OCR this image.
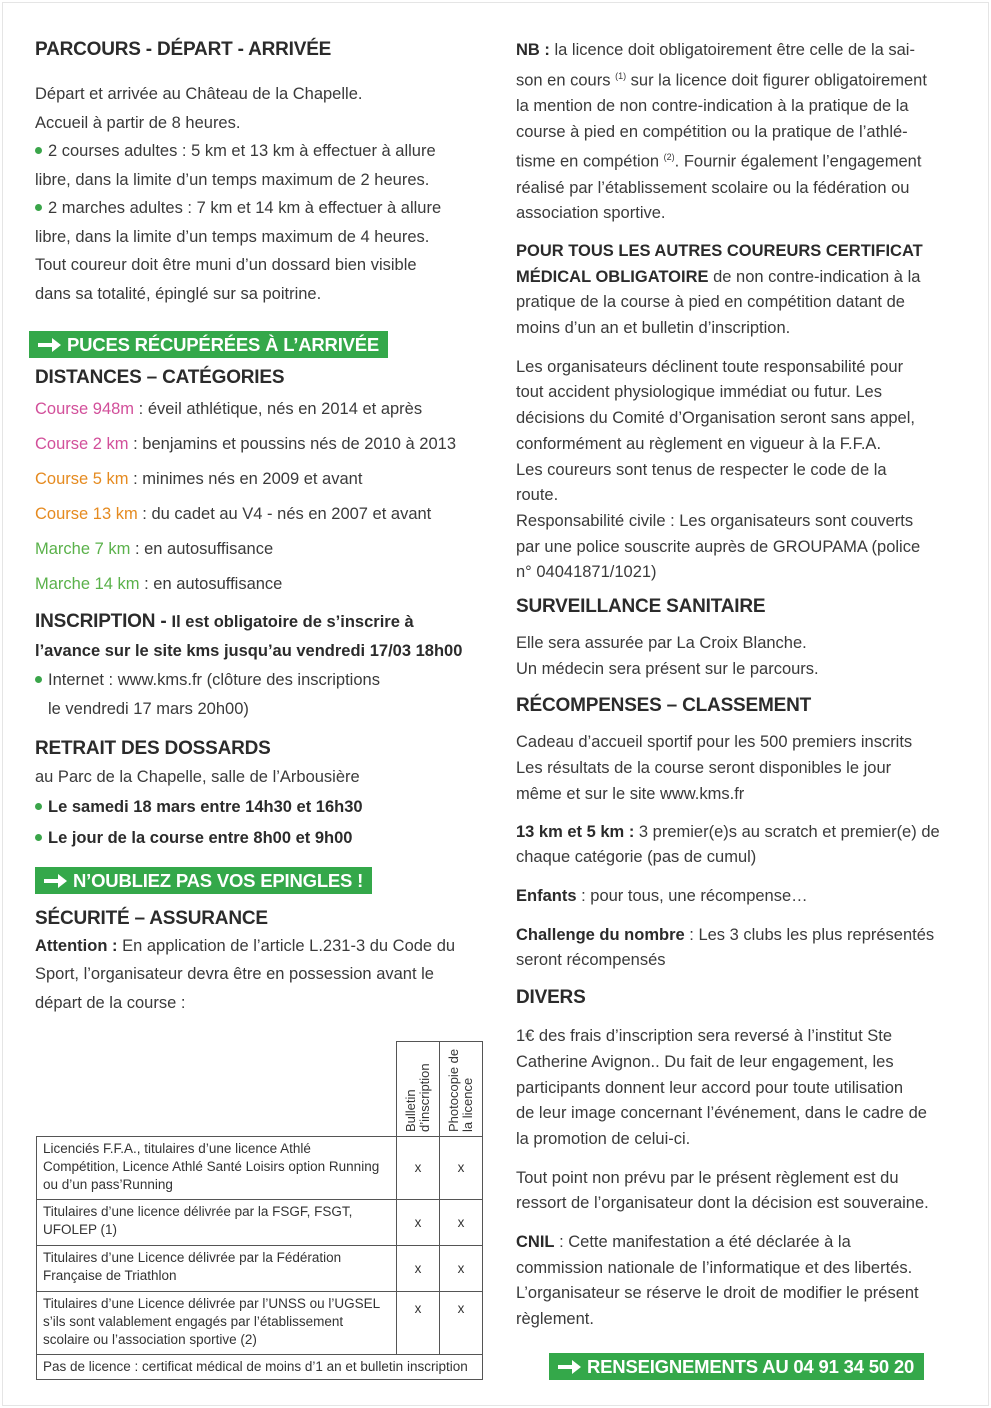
PARCOURS - DÉPART - ARRIVÉE

Départ et arrivée au Château de la Chapelle.

Accueil à partir de 8 heures.

2 courses adultes : 5 km et 13 km à effectuer à allure

libre, dans la limite d’un temps maximum de 2 heures.

2 marches adultes : 7 km et 14 km à effectuer à allure

libre, dans la limite d’un temps maximum de 4 heures.

Tout coureur doit être muni d’un dossard bien visible

dans sa totalité, épinglé sur sa poitrine.

PUCES RÉCUPÉRÉES À L’ARRIVÉE
DISTANCES – CATÉGORIES

Course 948m : éveil athlétique, nés en 2014 et après

Course 2 km : benjamins et poussins nés de 2010 à 2013

Course 5 km : minimes nés en 2009 et avant

Course 13 km : du cadet au V4 - nés en 2007 et avant

Marche 7 km : en autosuffisance

Marche 14 km : en autosuffisance

INSCRIPTION - Il est obligatoire de s’inscrire à

l’avance sur le site kms jusqu’au vendredi 17/03 18h00

Internet : www.kms.fr (clôture des inscriptions

le vendredi 17 mars 20h00)

RETRAIT DES DOSSARDS

au Parc de la Chapelle, salle de l’Arbousière

Le samedi 18 mars entre 14h30 et 16h30

Le jour de la course entre 8h00 et 9h00

N’OUBLIEZ PAS VOS EPINGLES !
SÉCURITÉ – ASSURANCE

Attention : En application de l’article L.231-3 du Code du

Sport, l’organisateur devra être en possession avant le

départ de la course :

	Bulletin d’inscription	Photocopie de la licence

Licenciés F.F.A., titulaires d’une licence Athlé Compétition, Licence Athlé Santé Loisirs option Running ou d’un pass’Running	x	x
Titulaires d’une licence délivrée par la FSGF, FSGT, UFOLEP (1)	x	x
Titulaires d’une Licence délivrée par la Fédération Française de Triathlon	x	x
Titulaires d’une Licence délivrée par l’UNSS ou l’UGSEL s’ils sont valablement engagés par l’établissement scolaire ou l’association sportive (2)	x	x
Pas de licence : certificat médical de moins d’1 an et bulletin inscription		

NB : la licence doit obligatoirement être celle de la sai-

son en cours $^{(1)}$ sur la licence doit figurer obligatoirement

la mention de non contre-indication à la pratique de la

course à pied en compétition ou la pratique de l’athlé-

tisme en compétion $^{(2)}$. Fournir également l’engagement

réalisé par l’établissement scolaire ou la fédération ou

association sportive.

POUR TOUS LES AUTRES COUREURS CERTIFICAT

MÉDICAL OBLIGATOIRE de non contre-indication à la

pratique de la course à pied en compétition datant de

moins d’un an et bulletin d’inscription.

Les organisateurs déclinent toute responsabilité pour

tout accident physiologique immédiat ou futur. Les

décisions du Comité d’Organisation seront sans appel,

conformément au règlement en vigueur à la F.F.A.

Les coureurs sont tenus de respecter le code de la

route.

Responsabilité civile : Les organisateurs sont couverts

par une police souscrite auprès de GROUPAMA (police

n° 04041871/1021)

SURVEILLANCE SANITAIRE

Elle sera assurée par La Croix Blanche.

Un médecin sera présent sur le parcours.

RÉCOMPENSES – CLASSEMENT

Cadeau d’accueil sportif pour les 500 premiers inscrits

Les résultats de la course seront disponibles le jour

même et sur le site www.kms.fr

13 km et 5 km : 3 premier(e)s au scratch et premier(e) de

chaque catégorie (pas de cumul)

Enfants : pour tous, une récompense…

Challenge du nombre : Les 3 clubs les plus représentés

seront récompensés

DIVERS

1€ des frais d’inscription sera reversé à l’institut Ste

Catherine Avignon.. Du fait de leur engagement, les

participants donnent leur accord pour toute utilisation

de leur image concernant l’événement, dans le cadre de

la promotion de celui-ci.

Tout point non prévu par le présent règlement est du

ressort de l’organisateur dont la décision est souveraine.

CNIL : Cette manifestation a été déclarée à la

commission nationale de l’informatique et des libertés.

L’organisateur se réserve le droit de modifier le présent

règlement.

RENSEIGNEMENTS AU 04 91 34 50 20
